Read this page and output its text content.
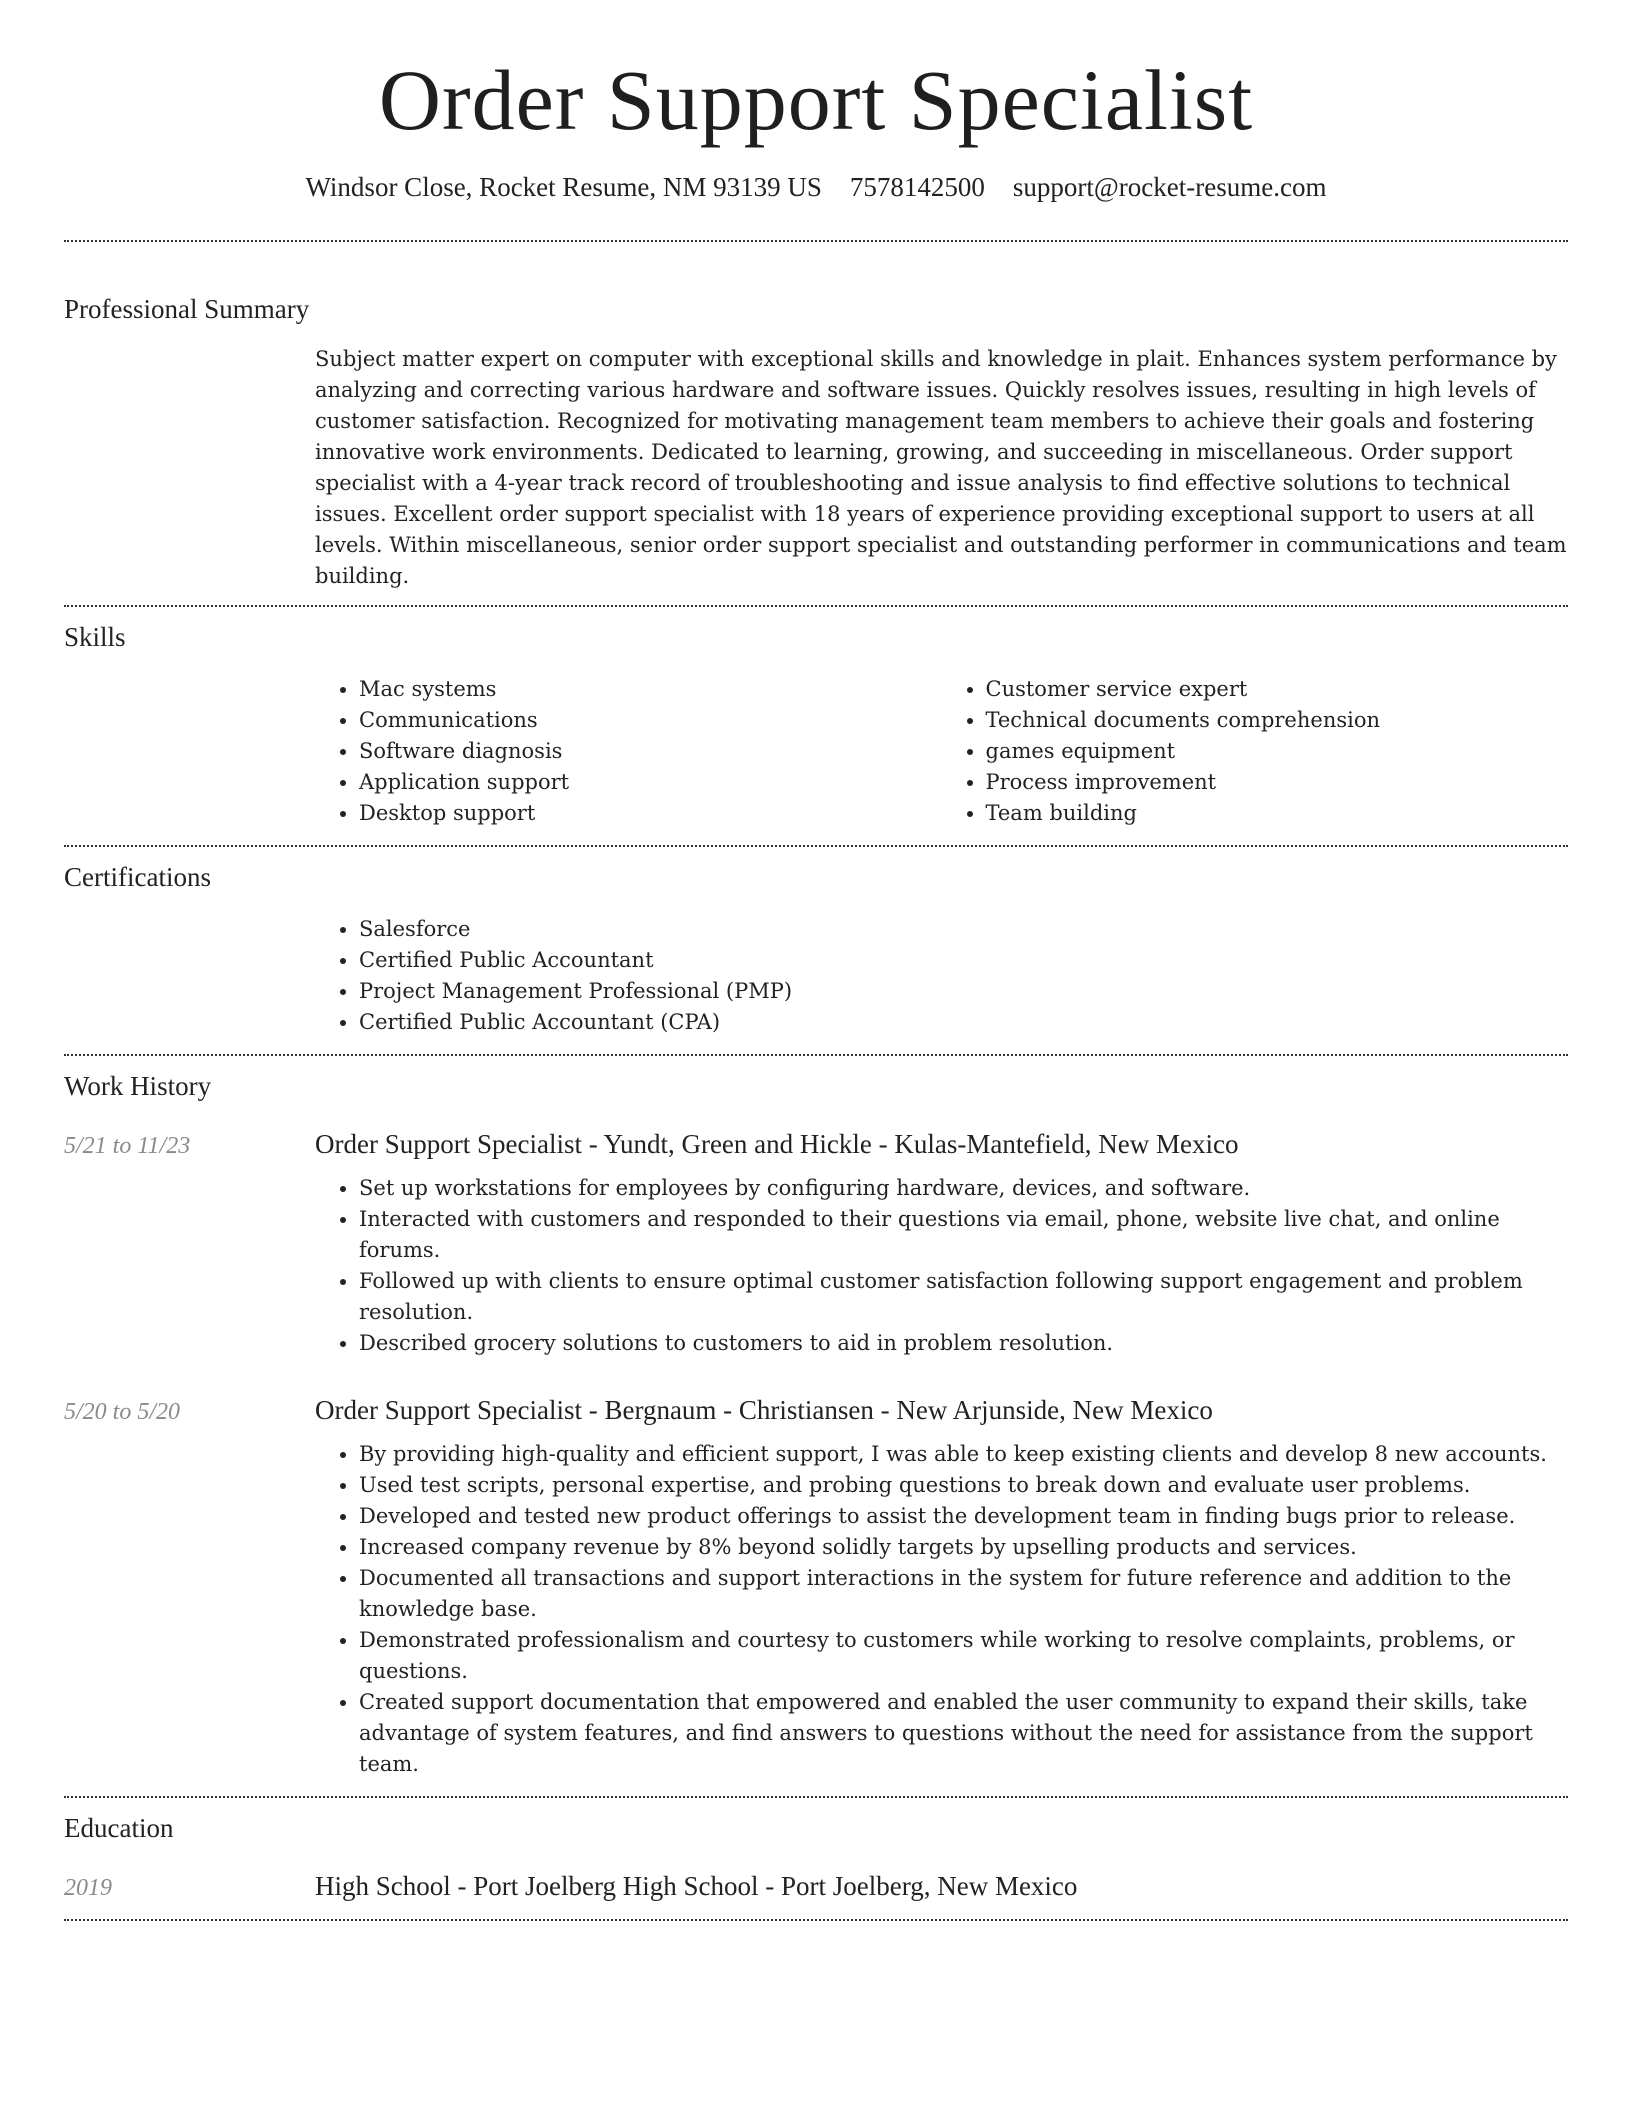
Order Support Specialist
Windsor Close, Rocket Resume, NM 93139 US 7578142500 support@rocket-resume.com
Professional Summary

Subject matter expert on computer with exceptional skills and knowledge in plait. Enhances system performance by analyzing and correcting various hardware and software issues. Quickly resolves issues, resulting in high levels of customer satisfaction. Recognized for motivating management team members to achieve their goals and fostering innovative work environments. Dedicated to learning, growing, and succeeding in miscellaneous. Order support specialist with a 4-year track record of troubleshooting and issue analysis to find effective solutions to technical issues. Excellent order support specialist with 18 years of experience providing exceptional support to users at all levels. Within miscellaneous, senior order support specialist and outstanding performer in communications and team building.

Skills
• Mac systems
• Communications
• Software diagnosis
• Application support
• Desktop support
• Customer service expert
• Technical documents comprehension
• games equipment
• Process improvement
• Team building
Certifications
• Salesforce
• Certified Public Accountant
• Project Management Professional (PMP)
• Certified Public Accountant (CPA)
Work History
5/21 to 11/23	Order Support Specialist - Yundt, Green and Hickle - Kulas-Mantefield, New Mexico
• Set up workstations for employees by configuring hardware, devices, and software.
• Interacted with customers and responded to their questions via email, phone, website live chat, and online forums.
• Followed up with clients to ensure optimal customer satisfaction following support engagement and problem resolution.
• Described grocery solutions to customers to aid in problem resolution.
5/20 to 5/20	Order Support Specialist - Bergnaum - Christiansen - New Arjunside, New Mexico
• By providing high-quality and efficient support, I was able to keep existing clients and develop 8 new accounts.
• Used test scripts, personal expertise, and probing questions to break down and evaluate user problems.
• Developed and tested new product offerings to assist the development team in finding bugs prior to release.
• Increased company revenue by 8% beyond solidly targets by upselling products and services.
• Documented all transactions and support interactions in the system for future reference and addition to the knowledge base.
• Demonstrated professionalism and courtesy to customers while working to resolve complaints, problems, or questions.
• Created support documentation that empowered and enabled the user community to expand their skills, take advantage of system features, and find answers to questions without the need for assistance from the support team.
Education
2019	High School - Port Joelberg High School - Port Joelberg, New Mexico
